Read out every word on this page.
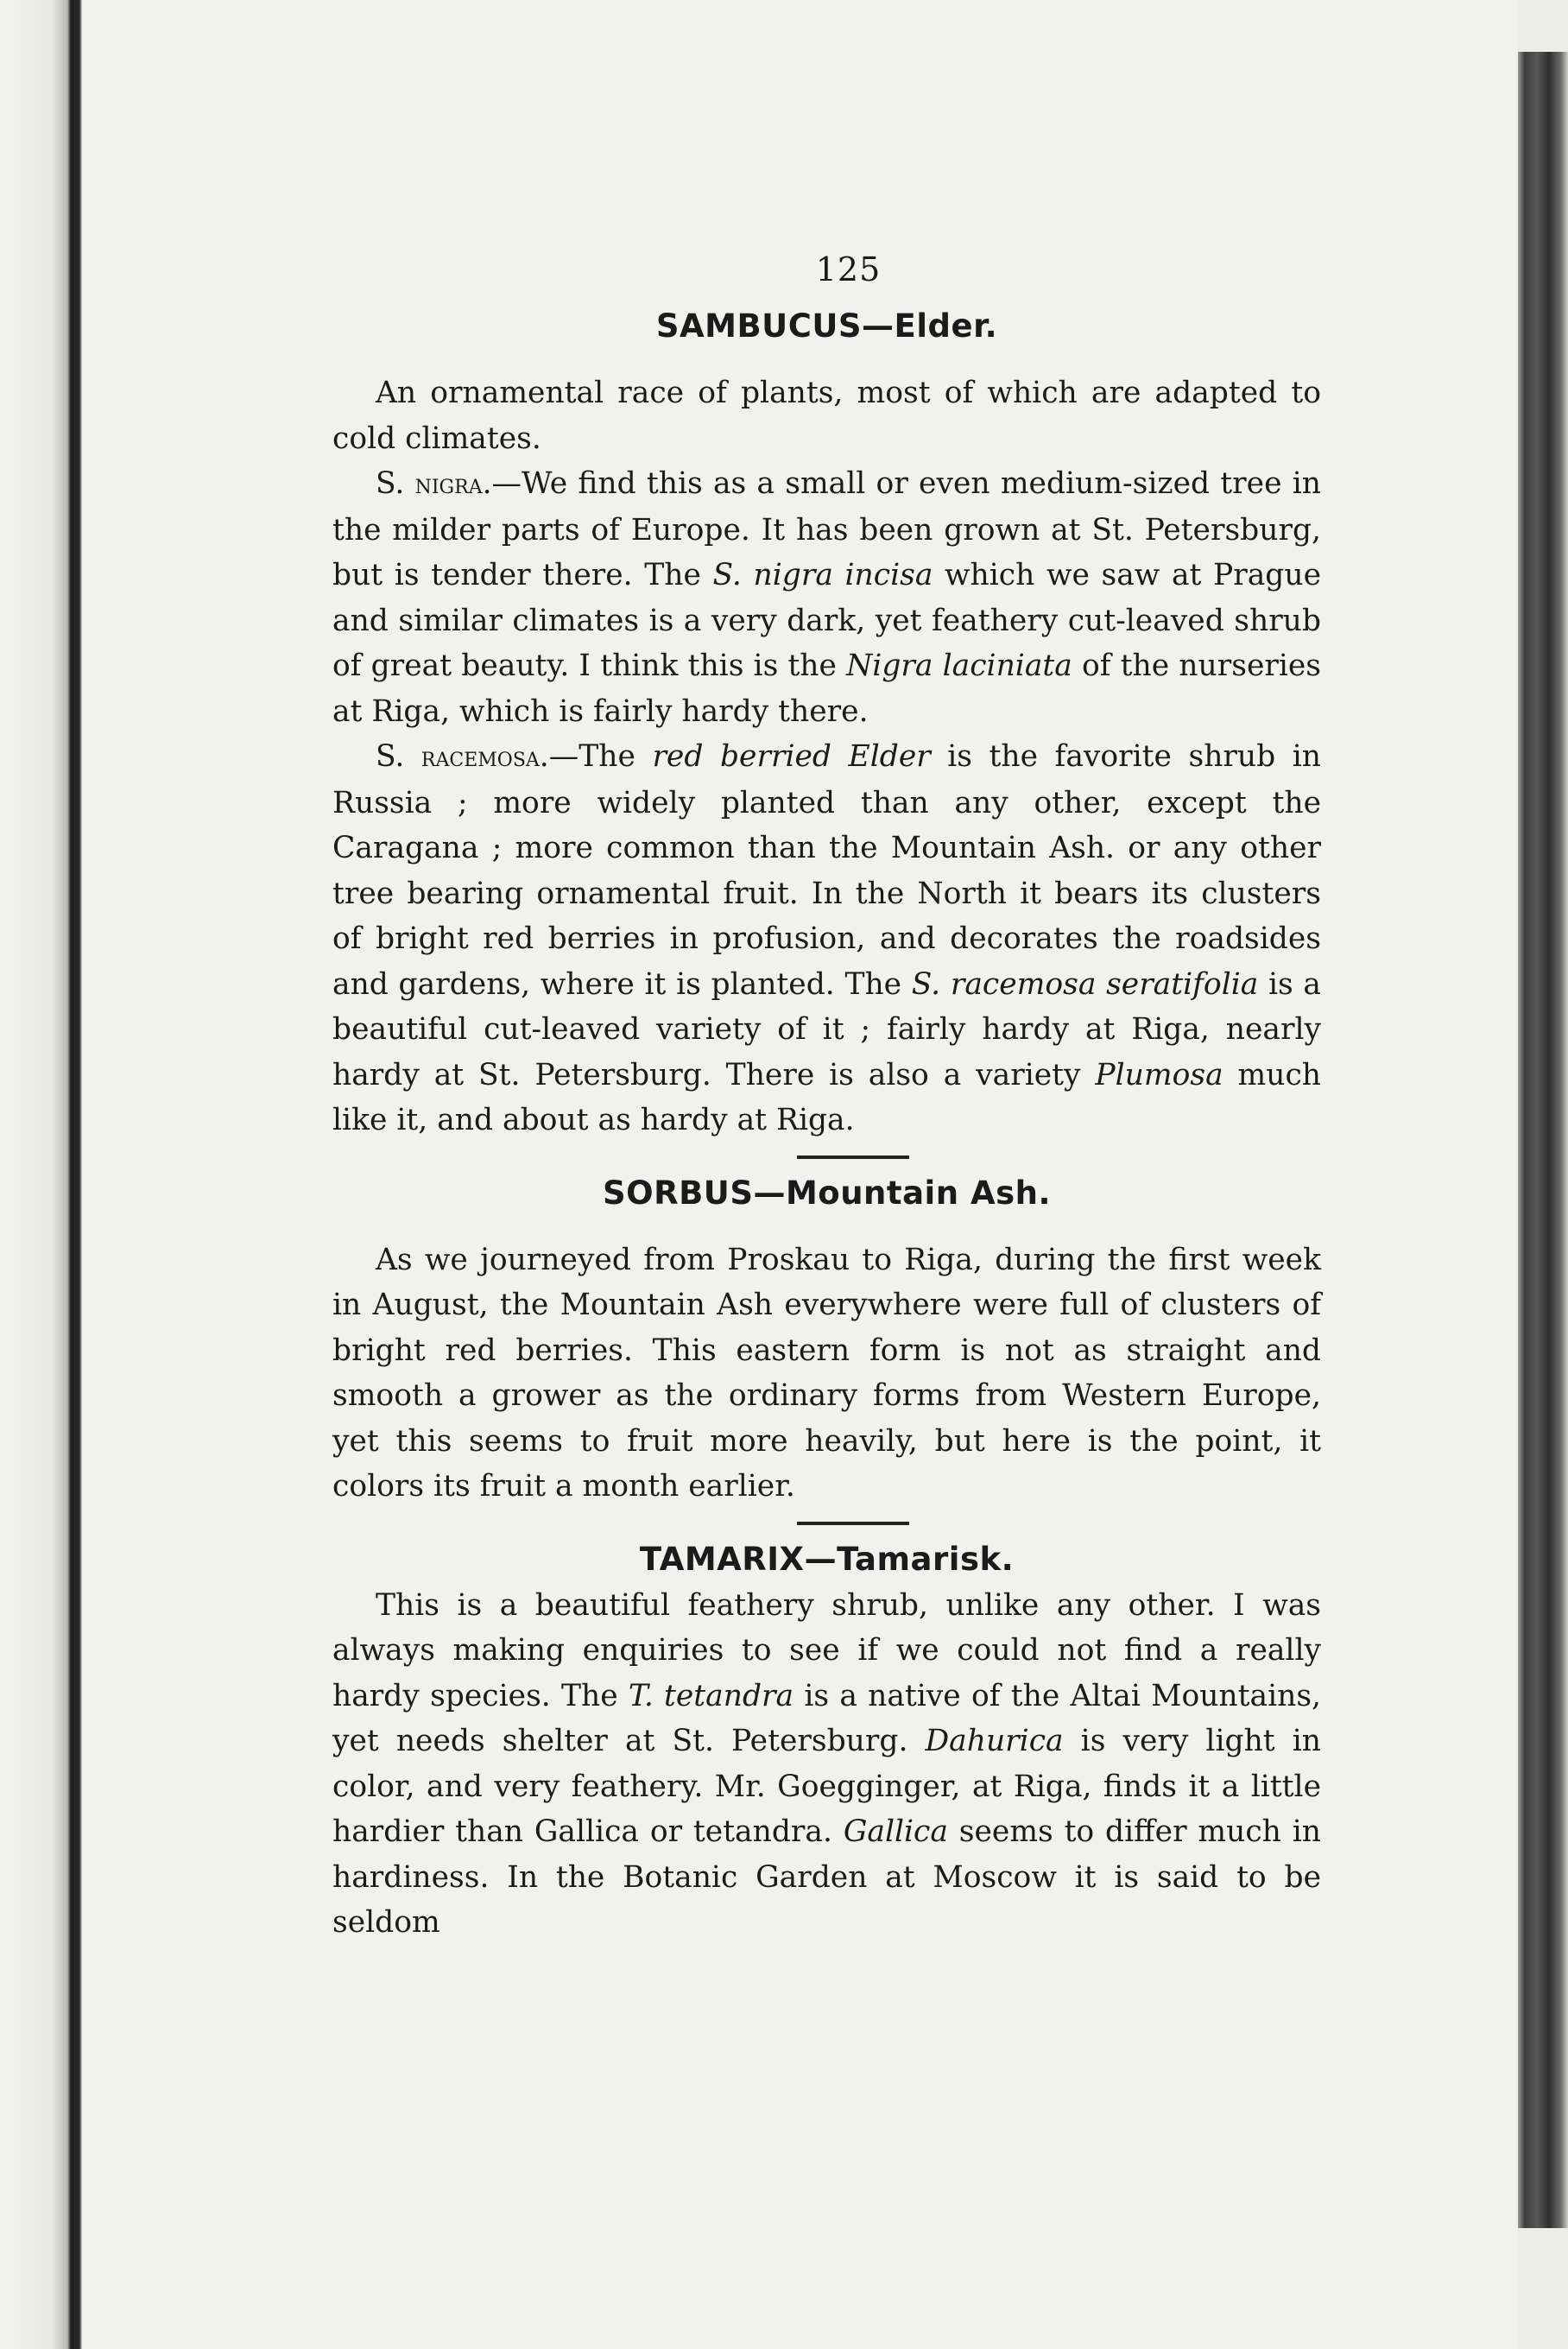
125
SAMBUCUS—Elder.

An ornamental race of plants, most of which are adapted to cold climates.

S. nigra.—We find this as a small or even medium-sized tree in the milder parts of Europe. It has been grown at St. Petersburg, but is tender there. The S. nigra incisa which we saw at Prague and similar climates is a very dark, yet feathery cut-leaved shrub of great beauty. I think this is the Nigra laciniata of the nurseries at Riga, which is fairly hardy there.

S. racemosa.—The red berried Elder is the favorite shrub in Russia ; more widely planted than any other, except the Caragana ; more common than the Mountain Ash. or any other tree bearing ornamental fruit. In the North it bears its clusters of bright red berries in profusion, and decorates the roadsides and gardens, where it is planted. The S. racemosa seratifolia is a beautiful cut-leaved variety of it ; fairly hardy at Riga, nearly hardy at St. Petersburg. There is also a variety Plumosa much like it, and about as hardy at Riga.

SORBUS—Mountain Ash.

As we journeyed from Proskau to Riga, during the first week in August, the Mountain Ash everywhere were full of clusters of bright red berries. This eastern form is not as straight and smooth a grower as the ordinary forms from Western Europe, yet this seems to fruit more heavily, but here is the point, it colors its fruit a month earlier.

TAMARIX—Tamarisk.

This is a beautiful feathery shrub, unlike any other. I was always making enquiries to see if we could not find a really hardy species. The T. tetandra is a native of the Altai Mountains, yet needs shelter at St. Petersburg. Dahurica is very light in color, and very feathery. Mr. Goegginger, at Riga, finds it a little hardier than Gallica or tetandra. Gallica seems to differ much in hardiness. In the Botanic Garden at Moscow it is said to be seldom
